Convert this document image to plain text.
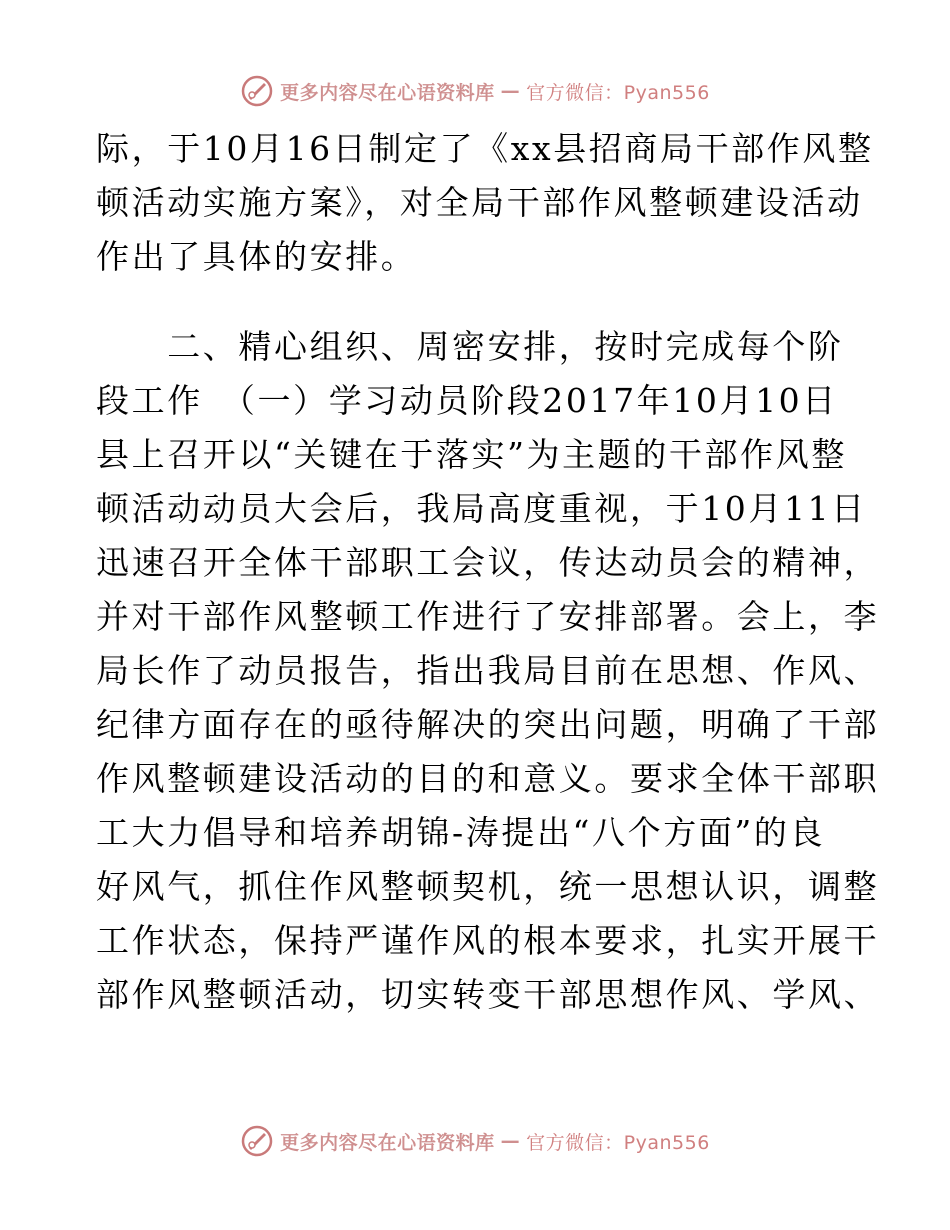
更多内容尽在心语资料库 — 官方微信：Pyan556
际，于10月16日制定了《xx县招商局干部作风整
顿活动实施方案》，对全局干部作风整顿建设活动
作出了具体的安排。
　　二、精心组织、周密安排，按时完成每个阶
段工作　（一）学习动员阶段2017年10月10日
县上召开以“关键在于落实”为主题的干部作风整
顿活动动员大会后，我局高度重视，于10月11日
迅速召开全体干部职工会议，传达动员会的精神，
并对干部作风整顿工作进行了安排部署。会上，李
局长作了动员报告，指出我局目前在思想、作风、
纪律方面存在的亟待解决的突出问题，明确了干部
作风整顿建设活动的目的和意义。要求全体干部职
工大力倡导和培养胡锦-涛提出“八个方面”的良
好风气，抓住作风整顿契机，统一思想认识，调整
工作状态，保持严谨作风的根本要求，扎实开展干
部作风整顿活动，切实转变干部思想作风、学风、
更多内容尽在心语资料库 — 官方微信：Pyan556
